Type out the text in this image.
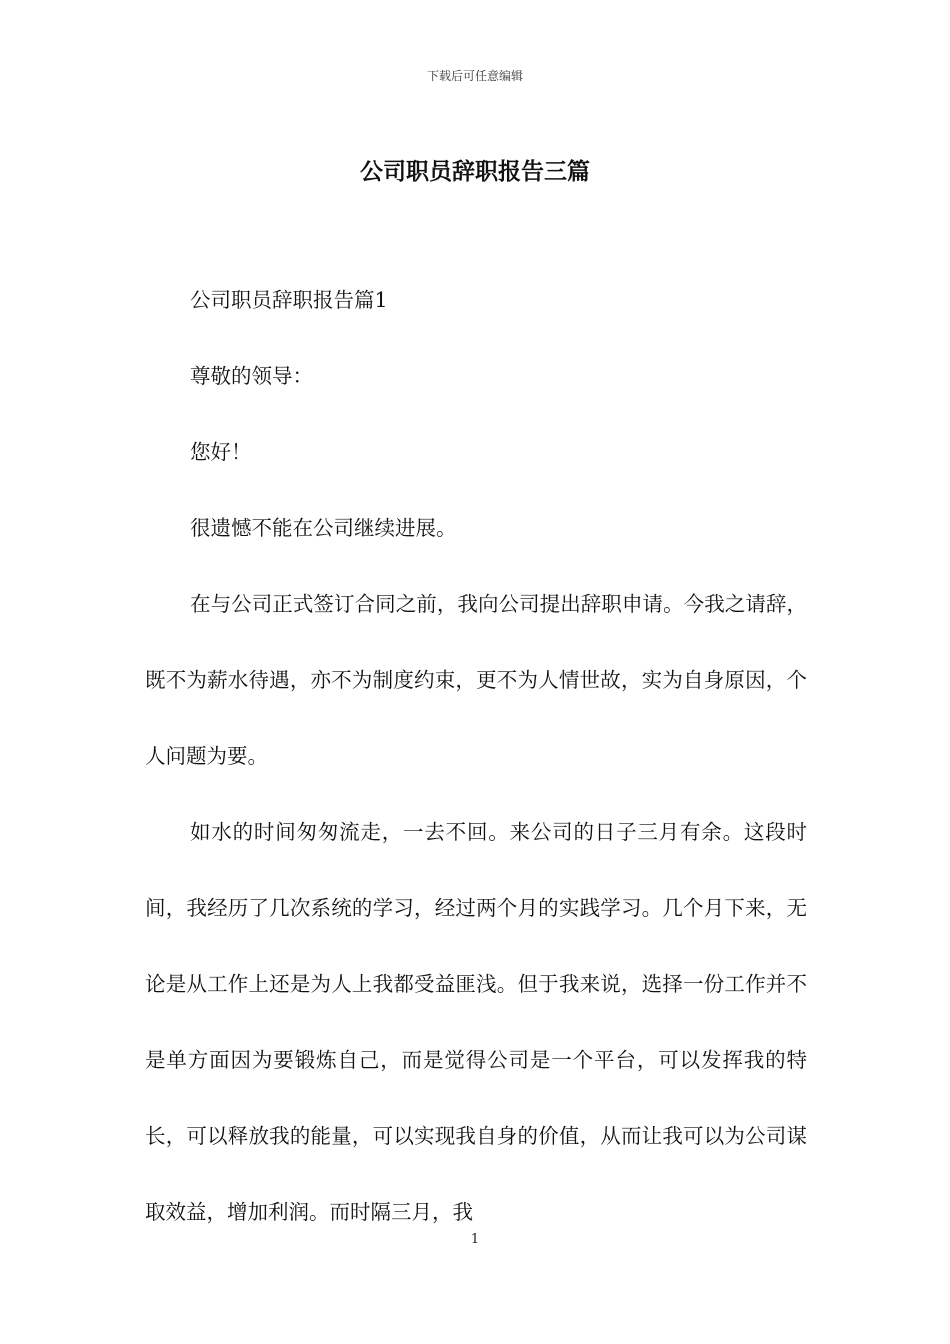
下载后可任意编辑
公司职员辞职报告三篇

公司职员辞职报告篇1

尊敬的领导：

您好！

很遗憾不能在公司继续进展。

在与公司正式签订合同之前，我向公司提出辞职申请。今我之请辞，既不为薪水待遇，亦不为制度约束，更不为人情世故，实为自身原因，个人问题为要。

如水的时间匆匆流走，一去不回。来公司的日子三月有余。这段时间，我经历了几次系统的学习，经过两个月的实践学习。几个月下来，无论是从工作上还是为人上我都受益匪浅。但于我来说，选择一份工作并不是单方面因为要锻炼自己，而是觉得公司是一个平台，可以发挥我的特长，可以释放我的能量，可以实现我自身的价值，从而让我可以为公司谋取效益，增加利润。而时隔三月，我

1
